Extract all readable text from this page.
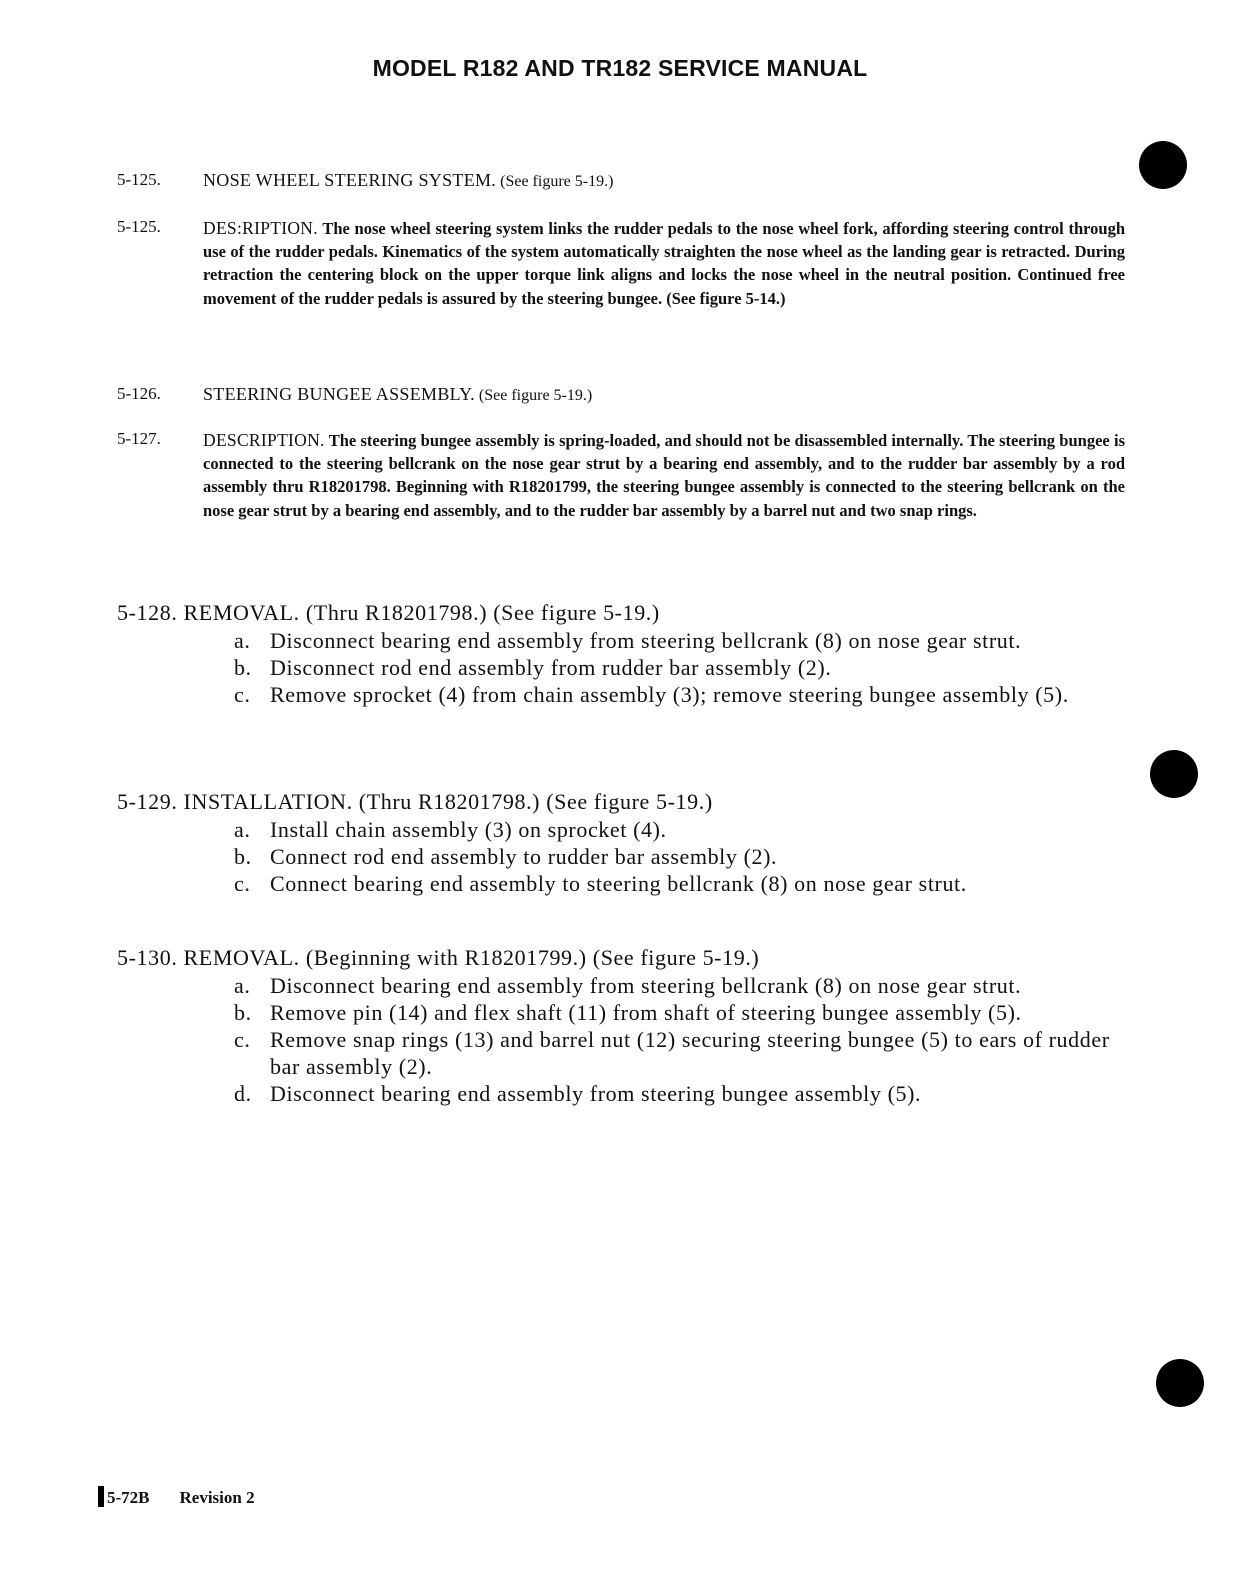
MODEL R182 AND TR182 SERVICE MANUAL
5-125. NOSE WHEEL STEERING SYSTEM. (See figure 5-19.)
5-125. DES:RIPTION. The nose wheel steering system links the rudder pedals to the nose wheel fork, affording steering control through use of the rudder pedals. Kinematics of the system automatically straighten the nose wheel as the landing gear is retracted. During retraction the centering block on the upper torque link aligns and locks the nose wheel in the neutral position. Continued free movement of the rudder pedals is assured by the steering bungee. (See figure 5-14.)
5-126. STEERING BUNGEE ASSEMBLY. (See figure 5-19.)
5-127. DESCRIPTION. The steering bungee assembly is spring-loaded, and should not be disassembled internally. The steering bungee is connected to the steering bellcrank on the nose gear strut by a bearing end assembly, and to the rudder bar assembly by a rod assembly thru R18201798. Beginning with R18201799, the steering bungee assembly is connected to the steering bellcrank on the nose gear strut by a bearing end assembly, and to the rudder bar assembly by a barrel nut and two snap rings.
5-128. REMOVAL. (Thru R18201798.) (See figure 5-19.)
a. Disconnect bearing end assembly from steering bellcrank (8) on nose gear strut.
b. Disconnect rod end assembly from rudder bar assembly (2).
c. Remove sprocket (4) from chain assembly (3); remove steering bungee assembly (5).
5-129. INSTALLATION. (Thru R18201798.) (See figure 5-19.)
a. Install chain assembly (3) on sprocket (4).
b. Connect rod end assembly to rudder bar assembly (2).
c. Connect bearing end assembly to steering bellcrank (8) on nose gear strut.
5-130. REMOVAL. (Beginning with R18201799.) (See figure 5-19.)
a. Disconnect bearing end assembly from steering bellcrank (8) on nose gear strut.
b. Remove pin (14) and flex shaft (11) from shaft of steering bungee assembly (5).
c. Remove snap rings (13) and barrel nut (12) securing steering bungee (5) to ears of rudder bar assembly (2).
d. Disconnect bearing end assembly from steering bungee assembly (5).
5-72B Revision 2
